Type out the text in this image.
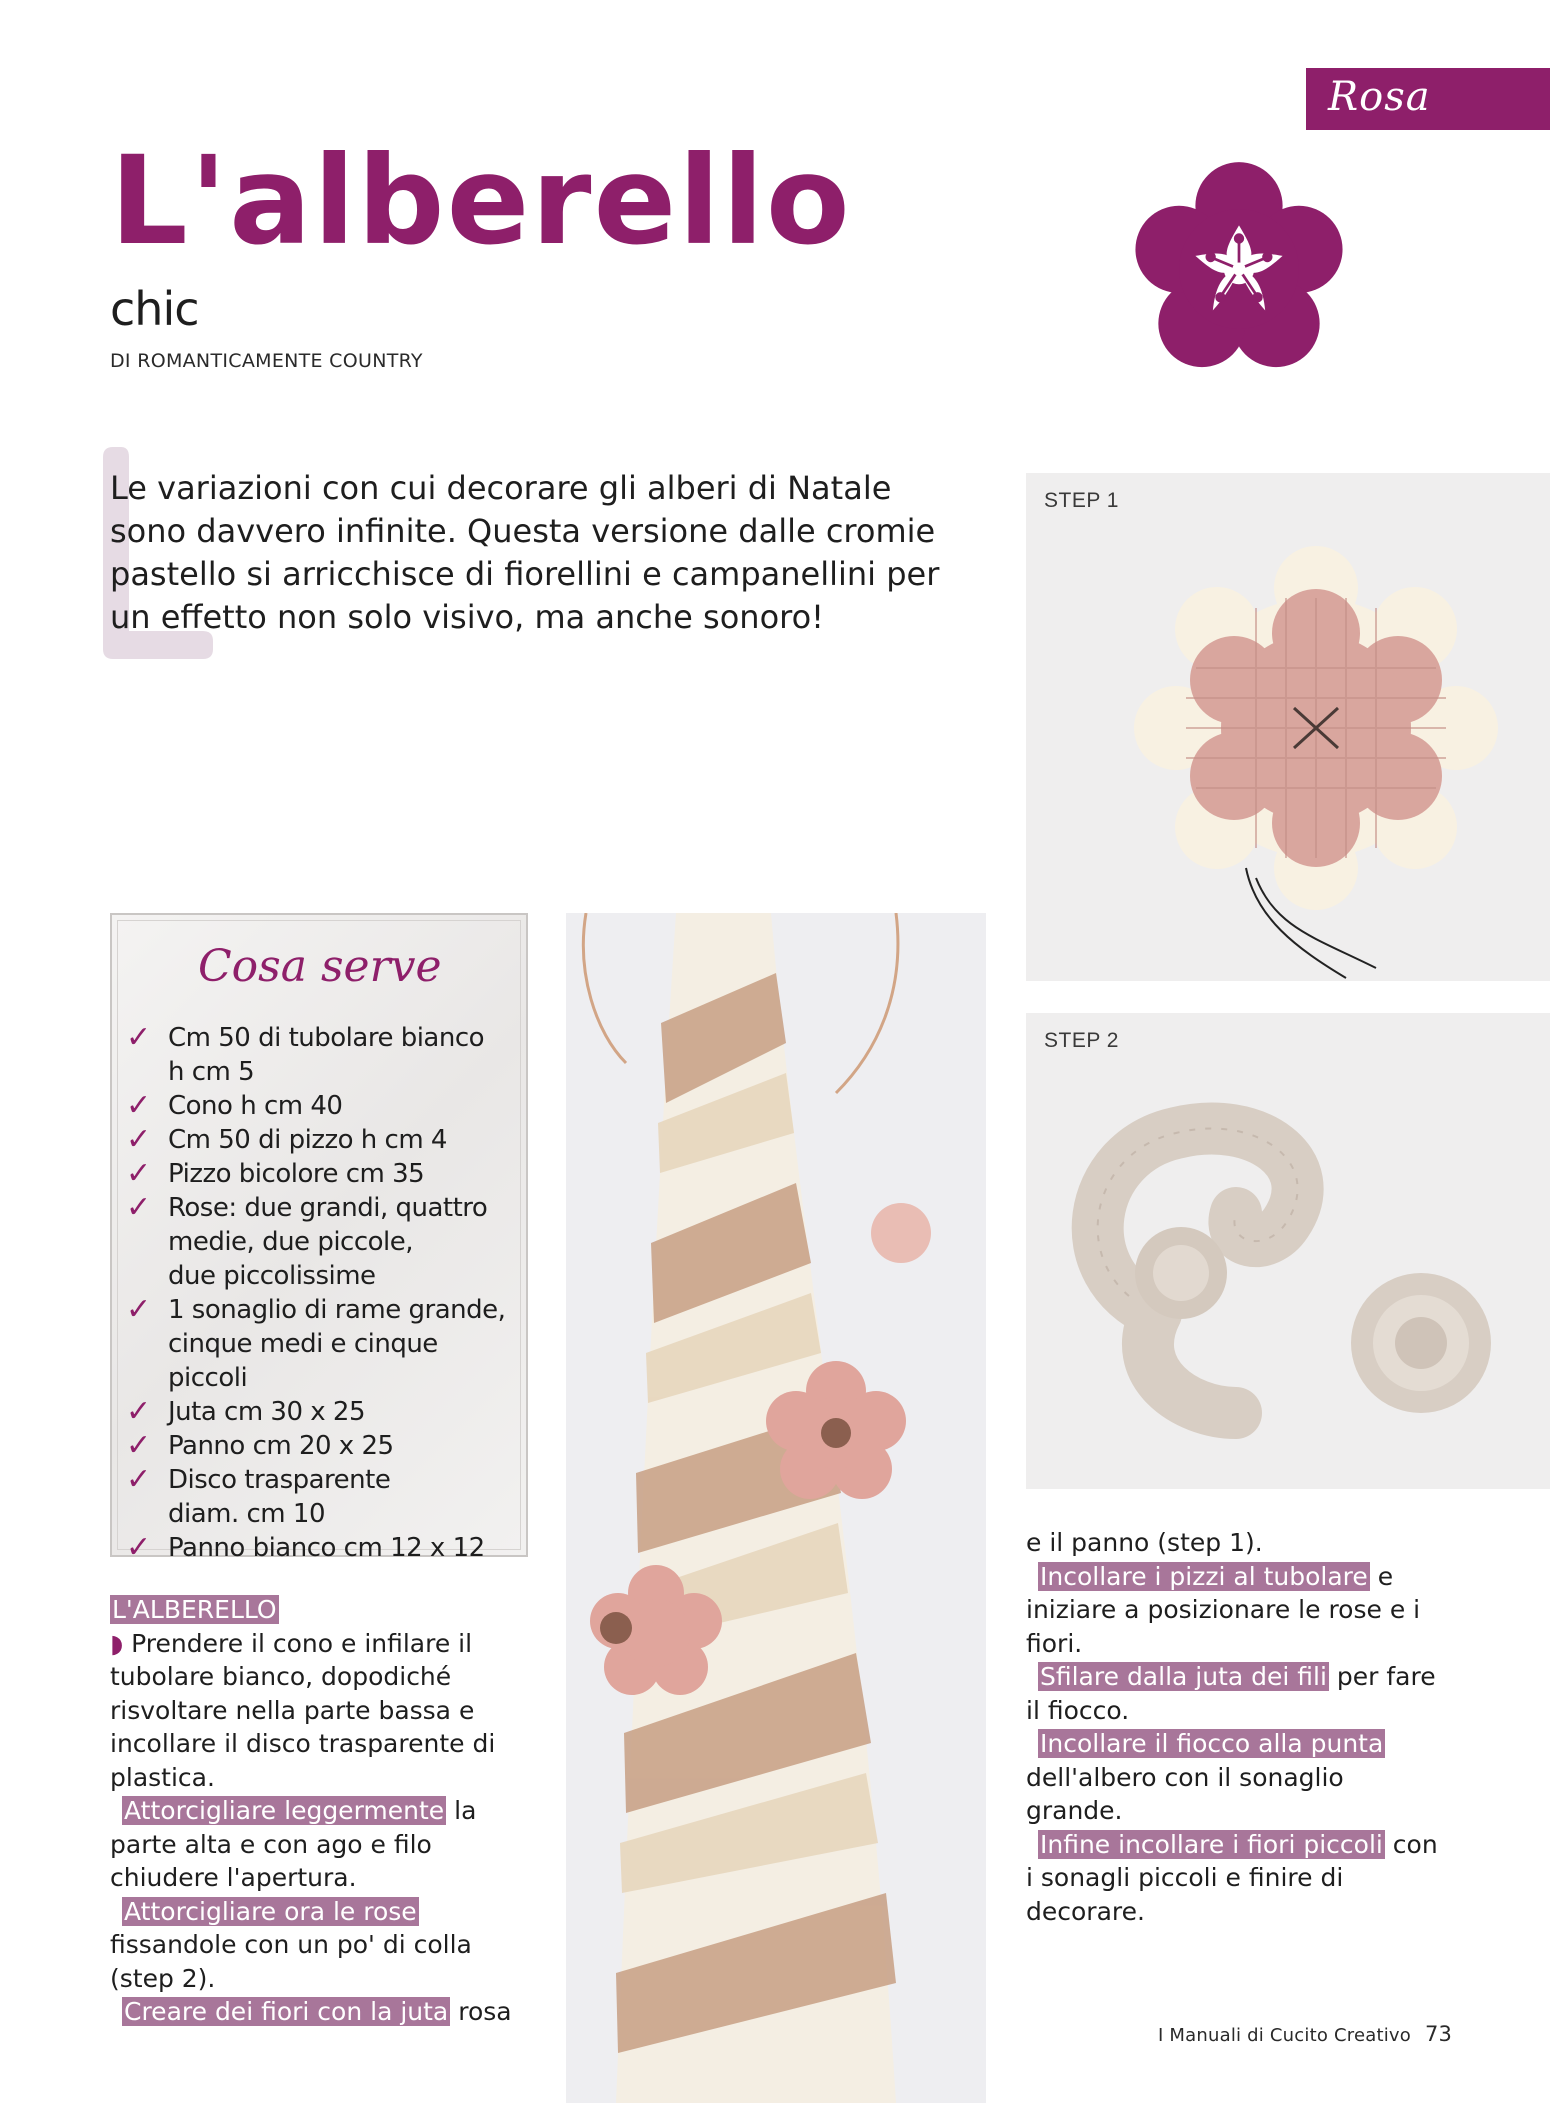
Rosa
L'alberello
chic
DI ROMANTICAMENTE COUNTRY
Le variazioni con cui decorare gli alberi di Natale sono davvero infinite. Questa versione dalle cromie pastello si arricchisce di fiorellini e campanellini per un effetto non solo visivo, ma anche sonoro!
STEP 1
STEP 2
Cosa serve
✓ Cm 50 di tubolare bianco
h cm 5
✓ Cono h cm 40
✓ Cm 50 di pizzo h cm 4
✓ Pizzo bicolore cm 35
✓ Rose: due grandi, quattro
medie, due piccole,
due piccolissime
✓ 1 sonaglio di rame grande,
cinque medi e cinque piccoli
✓ Juta cm 30 x 25
✓ Panno cm 20 x 25
✓ Disco trasparente
diam. cm 10
✓ Panno bianco cm 12 x 12

L'ALBERELLO

◗ Prendere il cono e infilare il tubolare bianco, dopodiché risvoltare nella parte bassa e incollare il disco trasparente di plastica.

Attorcigliare leggermente la parte alta e con ago e filo chiudere l'apertura.

Attorcigliare ora le rose fissandole con un po' di colla (step 2).

Creare dei fiori con la juta rosa

e il panno (step 1).

Incollare i pizzi al tubolare e iniziare a posizionare le rose e i fiori.

Sfilare dalla juta dei fili per fare il fiocco.

Incollare il fiocco alla punta dell'albero con il sonaglio grande.

Infine incollare i fiori piccoli con i sonagli piccoli e finire di decorare.

I Manuali di Cucito Creativo 73
